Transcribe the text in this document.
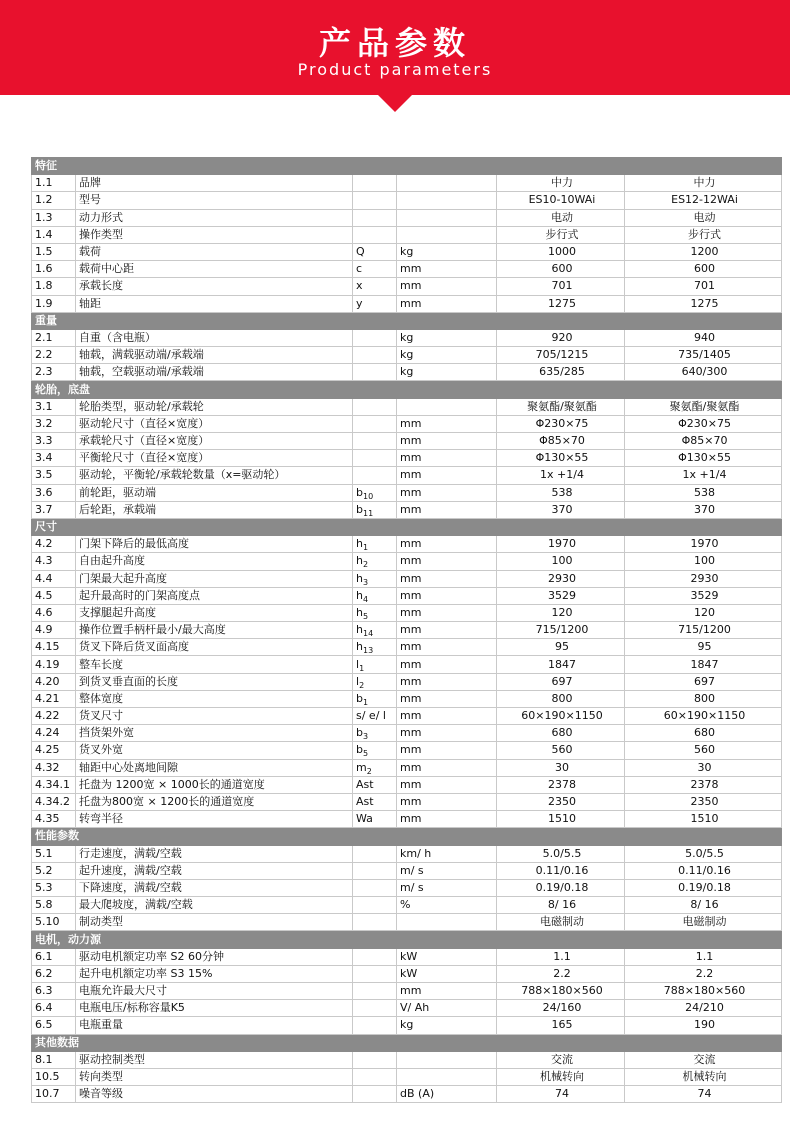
产品参数
Product parameters
特征					
1.1	品牌			中力	中力
1.2	型号			ES10-10WAi	ES12-12WAi
1.3	动力形式			电动	电动
1.4	操作类型			步行式	步行式
1.5	载荷	Q	kg	1000	1200
1.6	载荷中心距	c	mm	600	600
1.8	承载长度	x	mm	701	701
1.9	轴距	y	mm	1275	1275
重量					
2.1	自重（含电瓶）		kg	920	940
2.2	轴载，满载驱动端/承载端		kg	705/1215	735/1405
2.3	轴载，空载驱动端/承载端		kg	635/285	640/300
轮胎，底盘					
3.1	轮胎类型，驱动轮/承载轮			聚氨酯/聚氨酯	聚氨酯/聚氨酯
3.2	驱动轮尺寸（直径×宽度）		mm	Φ230×75	Φ230×75
3.3	承载轮尺寸（直径×宽度）		mm	Φ85×70	Φ85×70
3.4	平衡轮尺寸（直径×宽度）		mm	Φ130×55	Φ130×55
3.5	驱动轮，平衡轮/承载轮数量（x=驱动轮）		mm	1x +1/4	1x +1/4
3.6	前轮距，驱动端	$b_{10}$	mm	538	538
3.7	后轮距，承载端	$b_{11}$	mm	370	370
尺寸					
4.2	门架下降后的最低高度	$h_1$	mm	1970	1970
4.3	自由起升高度	$h_2$	mm	100	100
4.4	门架最大起升高度	$h_3$	mm	2930	2930
4.5	起升最高时的门架高度点	$h_4$	mm	3529	3529
4.6	支撑腿起升高度	$h_5$	mm	120	120
4.9	操作位置手柄杆最小/最大高度	$h_{14}$	mm	715/1200	715/1200
4.15	货叉下降后货叉面高度	$h_{13}$	mm	95	95
4.19	整车长度	$l_1$	mm	1847	1847
4.20	到货叉垂直面的长度	$l_2$	mm	697	697
4.21	整体宽度	$b_1$	mm	800	800
4.22	货叉尺寸	s/ e/ l	mm	60×190×1150	60×190×1150
4.24	挡货架外宽	$b_3$	mm	680	680
4.25	货叉外宽	$b_5$	mm	560	560
4.32	轴距中心处离地间隙	$m_2$	mm	30	30
4.34.1	托盘为 1200宽 × 1000长的通道宽度	Ast	mm	2378	2378
4.34.2	托盘为800宽 × 1200长的通道宽度	Ast	mm	2350	2350
4.35	转弯半径	Wa	mm	1510	1510
性能参数					
5.1	行走速度，满载/空载		km/ h	5.0/5.5	5.0/5.5
5.2	起升速度，满载/空载		m/ s	0.11/0.16	0.11/0.16
5.3	下降速度，满载/空载		m/ s	0.19/0.18	0.19/0.18
5.8	最大爬坡度，满载/空载		%	8/ 16	8/ 16
5.10	制动类型			电磁制动	电磁制动
电机，动力源					
6.1	驱动电机额定功率 S2 60分钟		kW	1.1	1.1
6.2	起升电机额定功率 S3 15%		kW	2.2	2.2
6.3	电瓶允许最大尺寸		mm	788×180×560	788×180×560
6.4	电瓶电压/标称容量K5		V/ Ah	24/160	24/210
6.5	电瓶重量		kg	165	190
其他数据					
8.1	驱动控制类型			交流	交流
10.5	转向类型			机械转向	机械转向
10.7	噪音等级		dB (A)	74	74
